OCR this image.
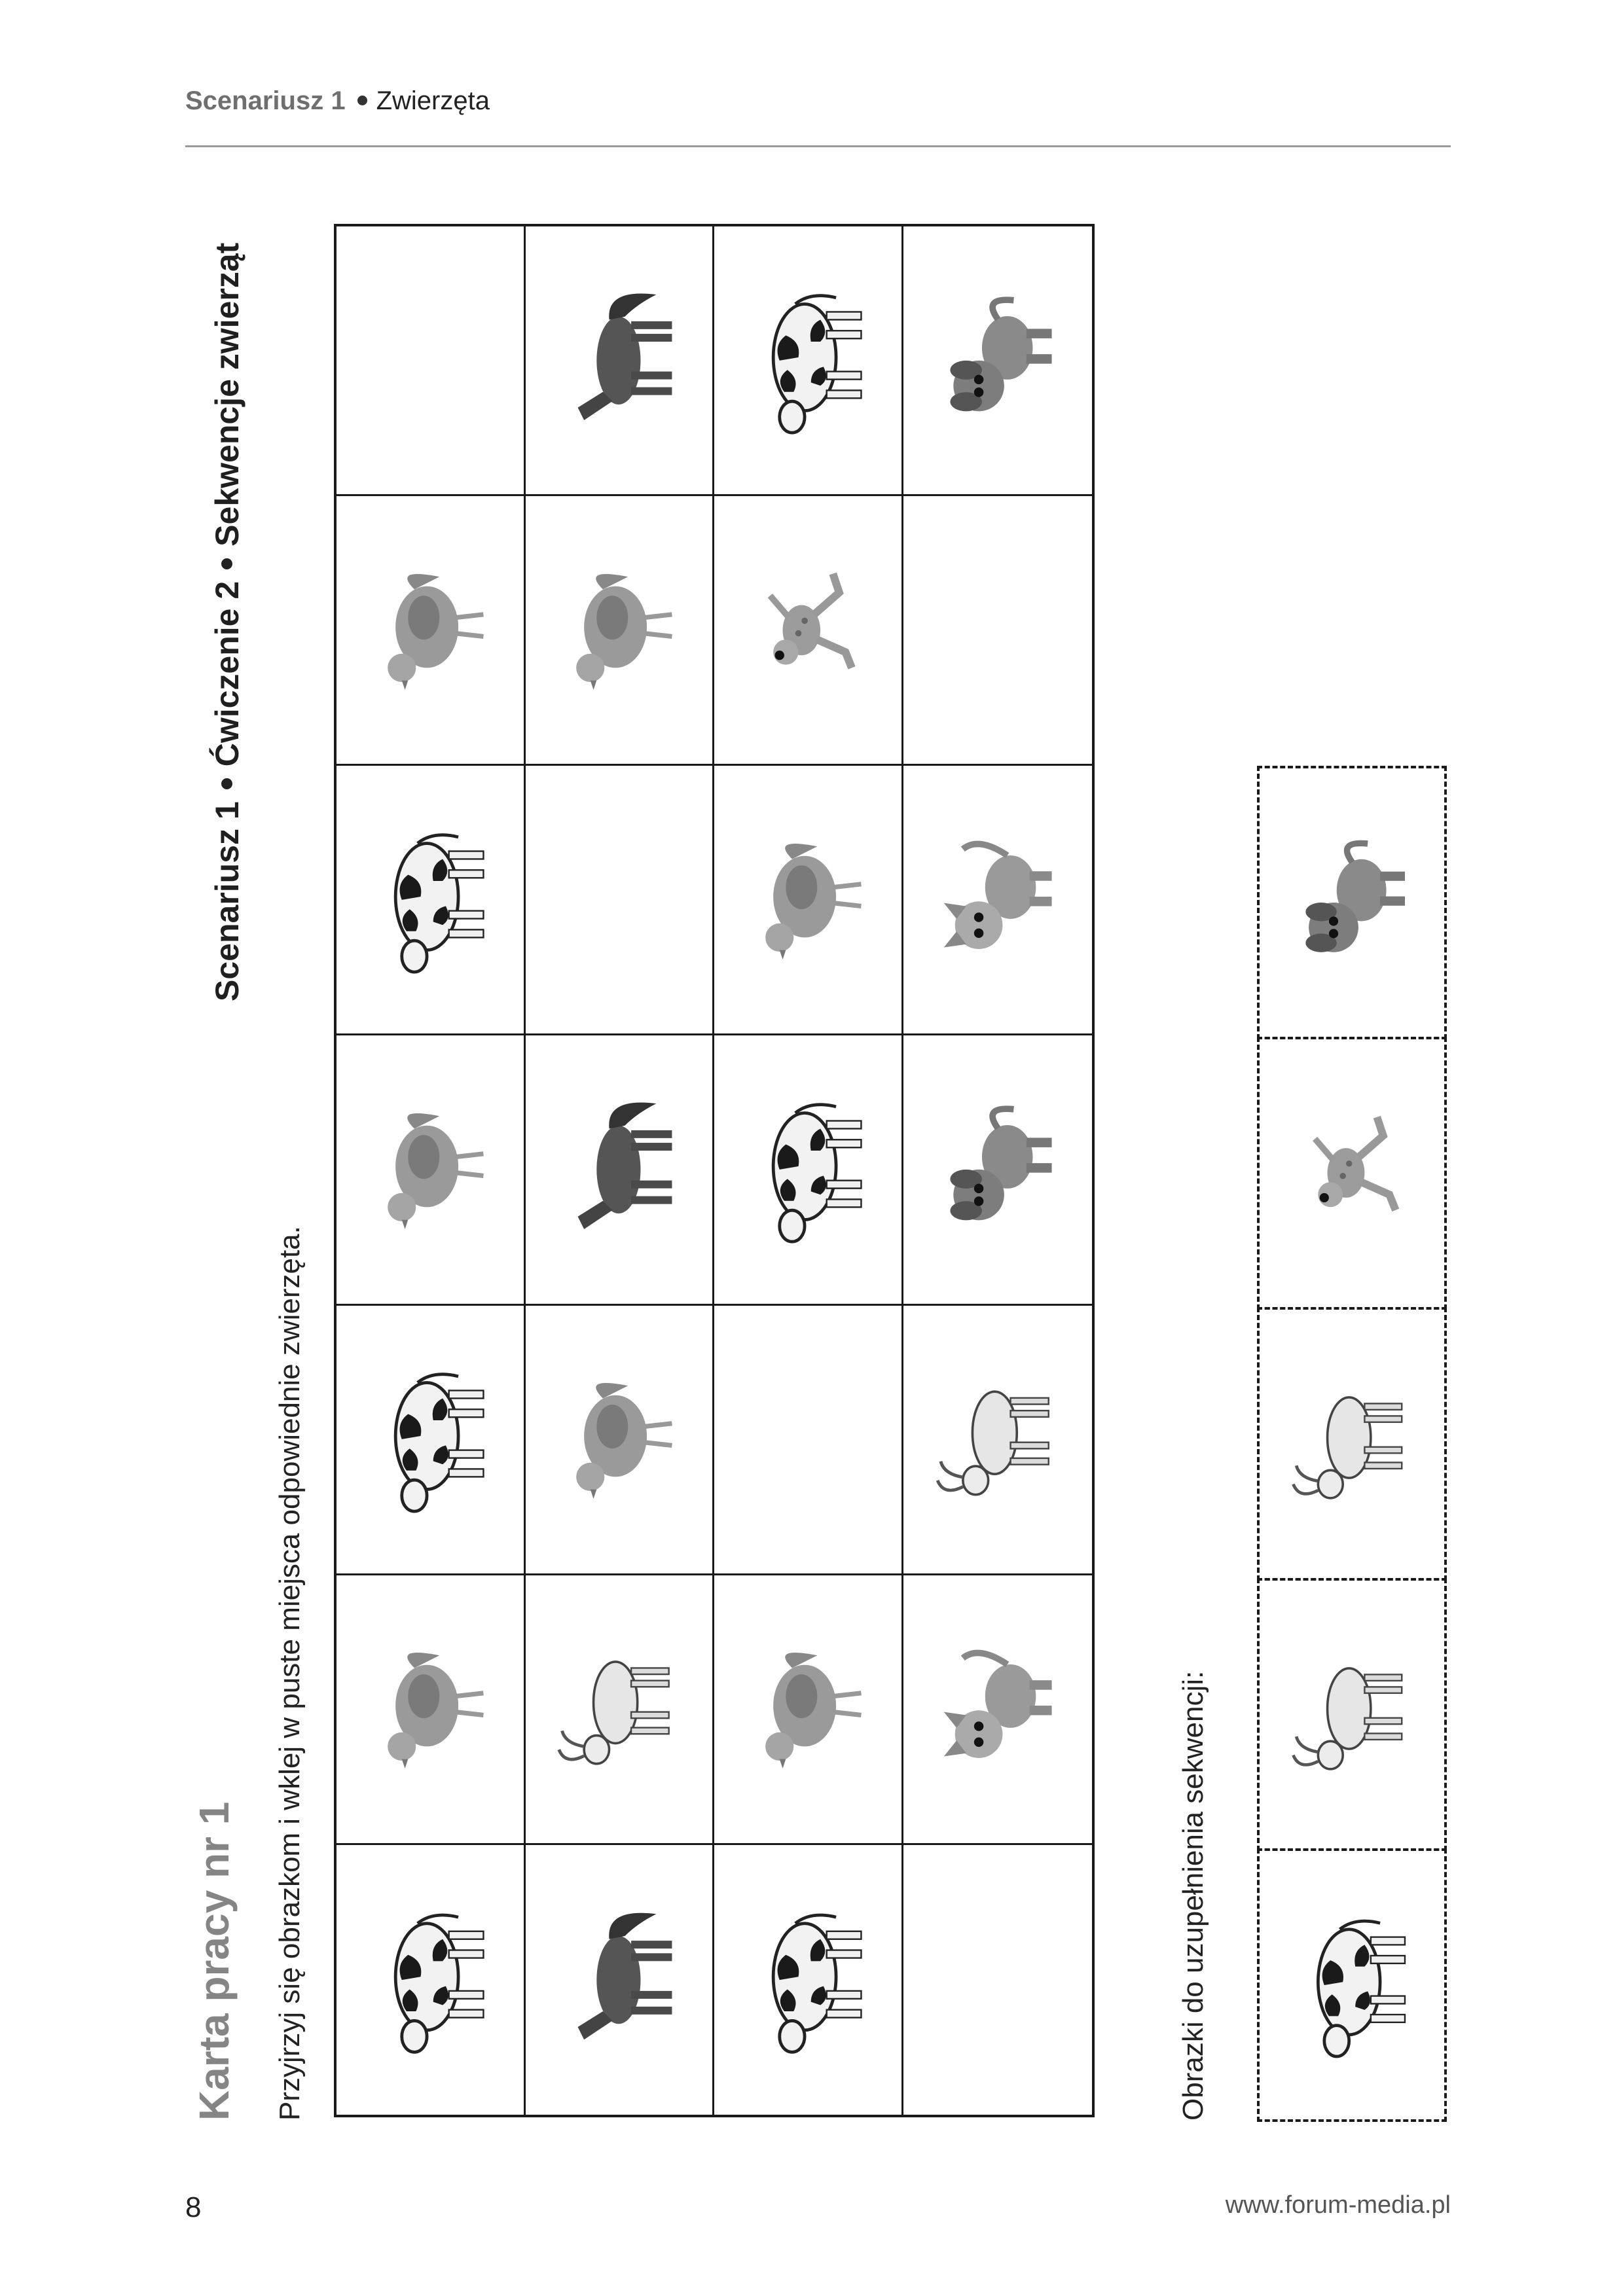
Scenariusz 1 Zwierzęta
Scenariusz 1Ćwiczenie 2Sekwencje zwierząt
Karta pracy nr 1 Przyjrzyj się obrazkom i wklej w puste miejsca odpowiednie zwierzęta.	Obrazki do uzupełnienia sekwencji:
8	www.forum-media.pl
